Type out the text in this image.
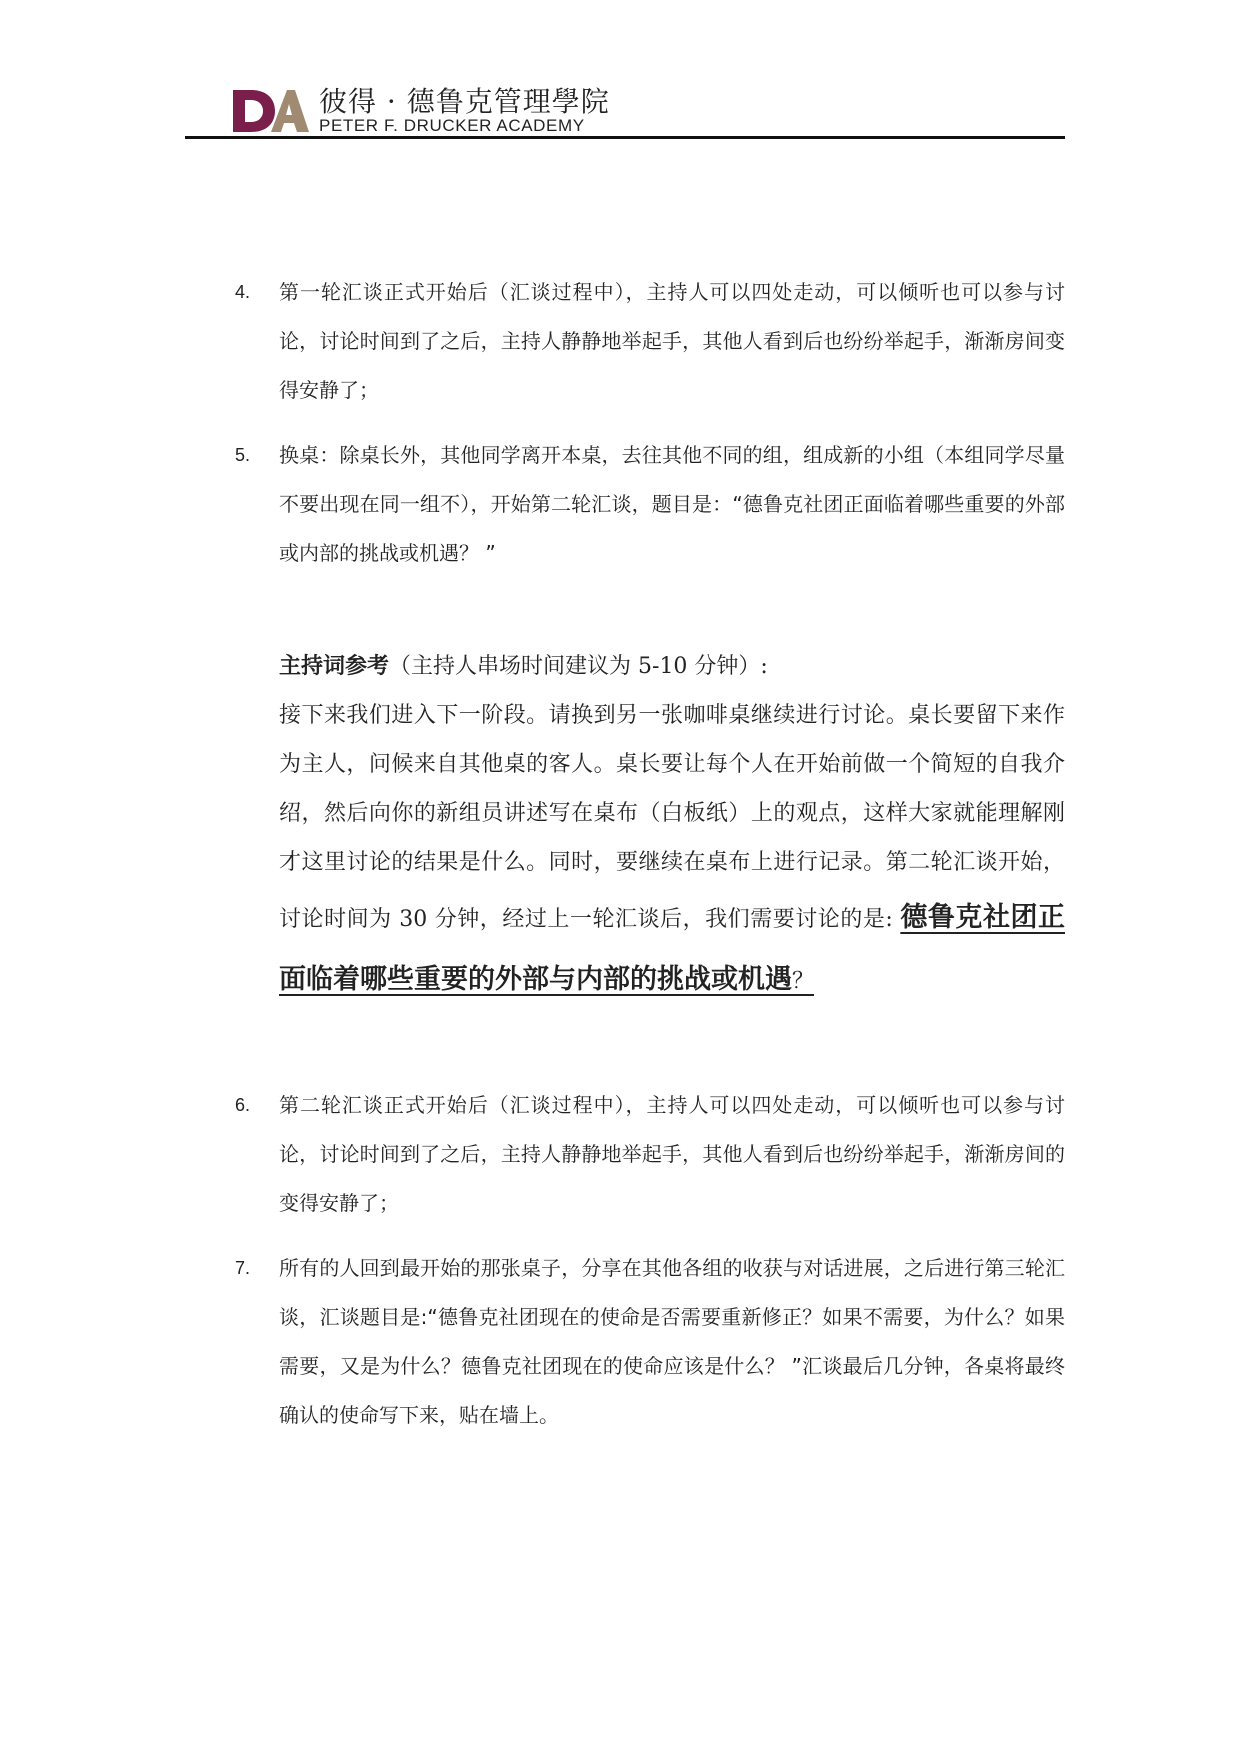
彼得 · 德鲁克管理學院
PETER F. DRUCKER ACADEMY
4. 第一轮汇谈正式开始后（汇谈过程中），主持人可以四处走动，可以倾听也可以参与讨论，讨论时间到了之后，主持人静静地举起手，其他人看到后也纷纷举起手，渐渐房间变得安静了；
5. 换桌：除桌长外，其他同学离开本桌，去往其他不同的组，组成新的小组（本组同学尽量不要出现在同一组不），开始第二轮汇谈，题目是：“德鲁克社团正面临着哪些重要的外部或内部的挑战或机遇？ ”
主持词参考（主持人串场时间建议为 5-10 分钟）:
接下来我们进入下一阶段。请换到另一张咖啡桌继续进行讨论。桌长要留下来作为主人，问候来自其他桌的客人。桌长要让每个人在开始前做一个简短的自我介绍，然后向你的新组员讲述写在桌布（白板纸）上的观点，这样大家就能理解刚才这里讨论的结果是什么。同时，要继续在桌布上进行记录。第二轮汇谈开始，讨论时间为 30 分钟，经过上一轮汇谈后，我们需要讨论的是: 德鲁克社团正面临着哪些重要的外部与内部的挑战或机遇？
6. 第二轮汇谈正式开始后（汇谈过程中），主持人可以四处走动，可以倾听也可以参与讨论，讨论时间到了之后，主持人静静地举起手，其他人看到后也纷纷举起手，渐渐房间的变得安静了；
7. 所有的人回到最开始的那张桌子，分享在其他各组的收获与对话进展，之后进行第三轮汇谈，汇谈题目是:“德鲁克社团现在的使命是否需要重新修正？如果不需要，为什么？如果需要，又是为什么？德鲁克社团现在的使命应该是什么？ ”汇谈最后几分钟，各桌将最终确认的使命写下来，贴在墙上。
